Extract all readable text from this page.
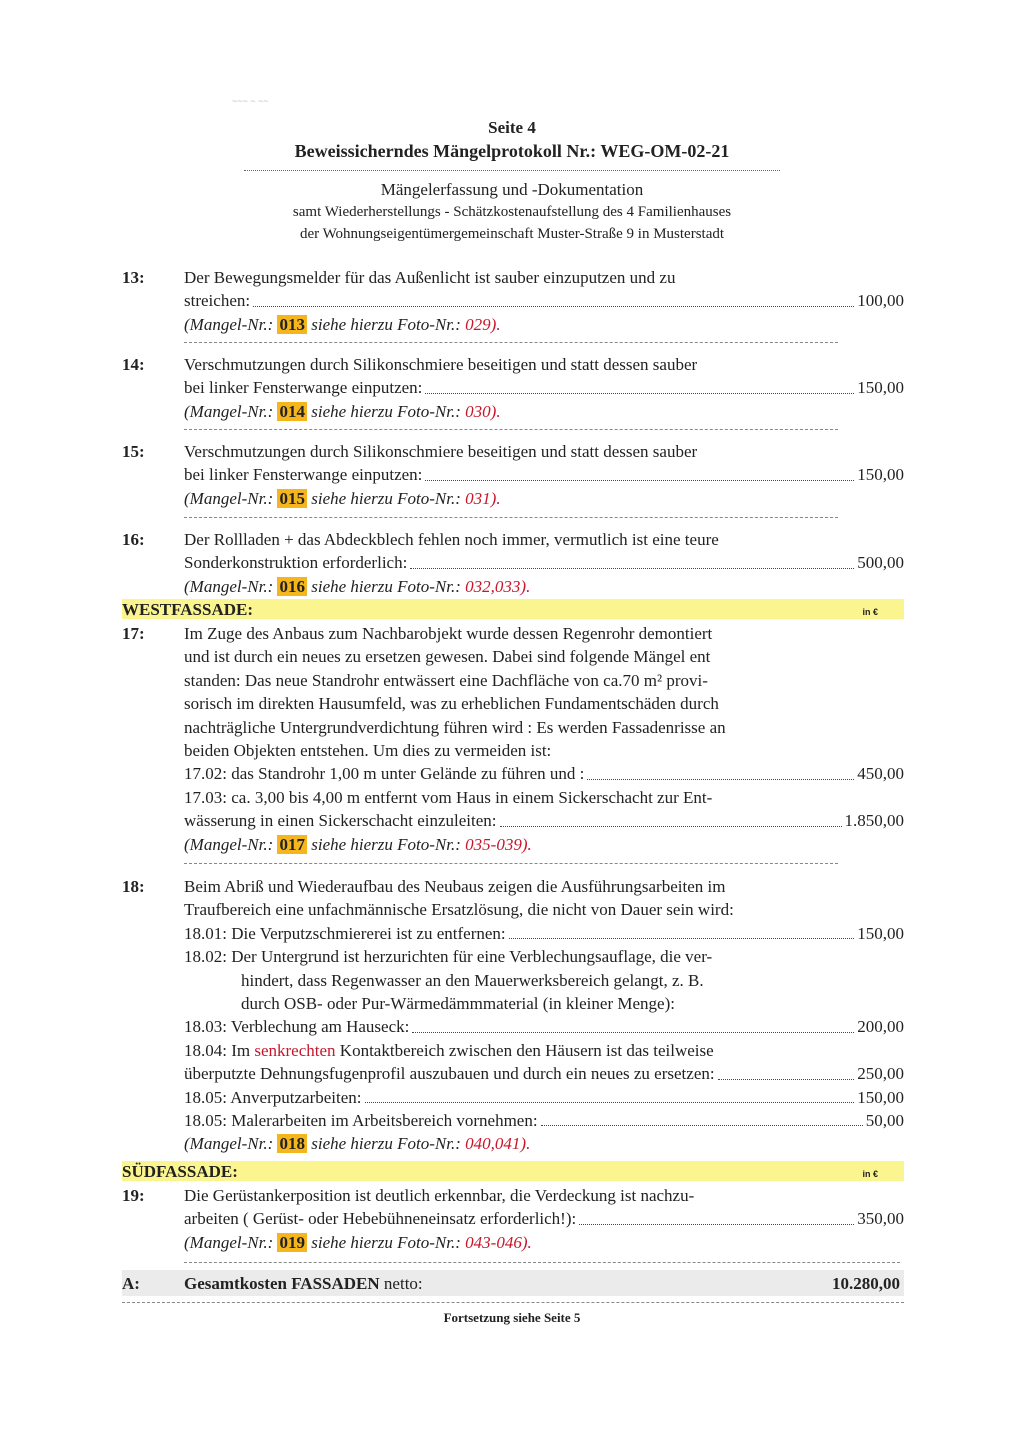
~~~ ~ ~~
Seite 4
Beweissicherndes Mängelprotokoll Nr.: WEG-OM-02-21
Mängelerfassung und -Dokumentation
samt Wiederherstellungs - Schätzkostenaufstellung des 4 Familienhauses
der Wohnungseigentümergemeinschaft Muster-Straße 9 in Musterstadt
13: Der Bewegungsmelder für das Außenlicht ist sauber einzuputzen und zu
streichen:	100,00
(Mangel-Nr.: 013 siehe hierzu Foto-Nr.: 029).
14: Verschmutzungen durch Silikonschmiere beseitigen und statt dessen sauber
bei linker Fensterwange einputzen:	150,00
(Mangel-Nr.: 014 siehe hierzu Foto-Nr.: 030).
15: Verschmutzungen durch Silikonschmiere beseitigen und statt dessen sauber
bei linker Fensterwange einputzen:	150,00
(Mangel-Nr.: 015 siehe hierzu Foto-Nr.: 031).
16: Der Rollladen + das Abdeckblech fehlen noch immer, vermutlich ist eine teure
Sonderkonstruktion erforderlich:	500,00
(Mangel-Nr.: 016 siehe hierzu Foto-Nr.: 032,033).
WESTFASSADE:	in €
17: Im Zuge des Anbaus zum Nachbarobjekt wurde dessen Regenrohr demontiert
und ist durch ein neues zu ersetzen gewesen. Dabei sind folgende Mängel ent
standen: Das neue Standrohr entwässert eine Dachfläche von ca.70 m² provi-
sorisch im direkten Hausumfeld, was zu erheblichen Fundamentschäden durch
nachträgliche Untergrundverdichtung führen wird : Es werden Fassadenrisse an
beiden Objekten entstehen. Um dies zu vermeiden ist:
17.02: das Standrohr 1,00 m unter Gelände zu führen und :	450,00
17.03: ca. 3,00 bis 4,00 m entfernt vom Haus in einem Sickerschacht zur Ent-
wässerung in einen Sickerschacht einzuleiten:	1.850,00
(Mangel-Nr.: 017 siehe hierzu Foto-Nr.: 035-039).
18: Beim Abriß und Wiederaufbau des Neubaus zeigen die Ausführungsarbeiten im
Traufbereich eine unfachmännische Ersatzlösung, die nicht von Dauer sein wird:
18.01: Die Verputzschmiererei ist zu entfernen:	150,00
18.02: Der Untergrund ist herzurichten für eine Verblechungsauflage, die ver-
hindert, dass Regenwasser an den Mauerwerksbereich gelangt, z. B.
durch OSB- oder Pur-Wärmedämmmaterial (in kleiner Menge):
18.03: Verblechung am Hauseck:	200,00
18.04: Im senkrechten Kontaktbereich zwischen den Häusern ist das teilweise
überputzte Dehnungsfugenprofil auszubauen und durch ein neues zu ersetzen:	250,00
18.05: Anverputzarbeiten:	150,00
18.05: Malerarbeiten im Arbeitsbereich vornehmen:	50,00
(Mangel-Nr.: 018 siehe hierzu Foto-Nr.: 040,041).
SÜDFASSADE:	in €
19: Die Gerüstankerposition ist deutlich erkennbar, die Verdeckung ist nachzu-
arbeiten ( Gerüst- oder Hebebühneneinsatz erforderlich!):	350,00
(Mangel-Nr.: 019 siehe hierzu Foto-Nr.: 043-046).
A:	Gesamtkosten FASSADEN netto:	10.280,00
Fortsetzung siehe Seite 5
